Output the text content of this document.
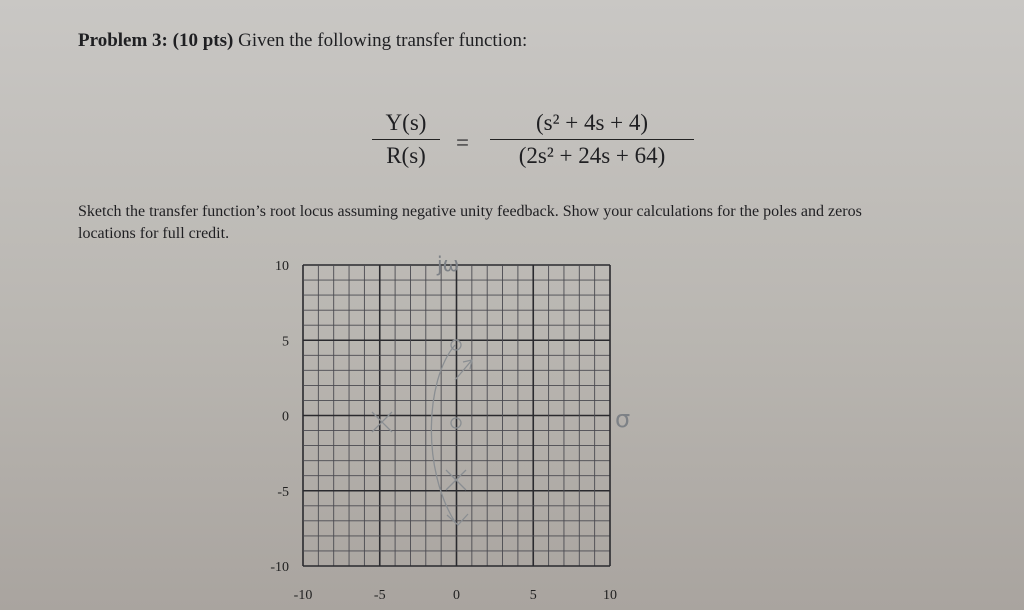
Problem 3: (10 pts) Given the following transfer function:
Y(s)
R(s)
=
(s² + 4s + 4)
(2s² + 24s + 64)
Sketch the transfer function’s root locus assuming negative unity feedback. Show your calculations for the poles and zeros
locations for full credit.
10
5
0
-5
-10
-10	-5	0	5	10
jω
σ
